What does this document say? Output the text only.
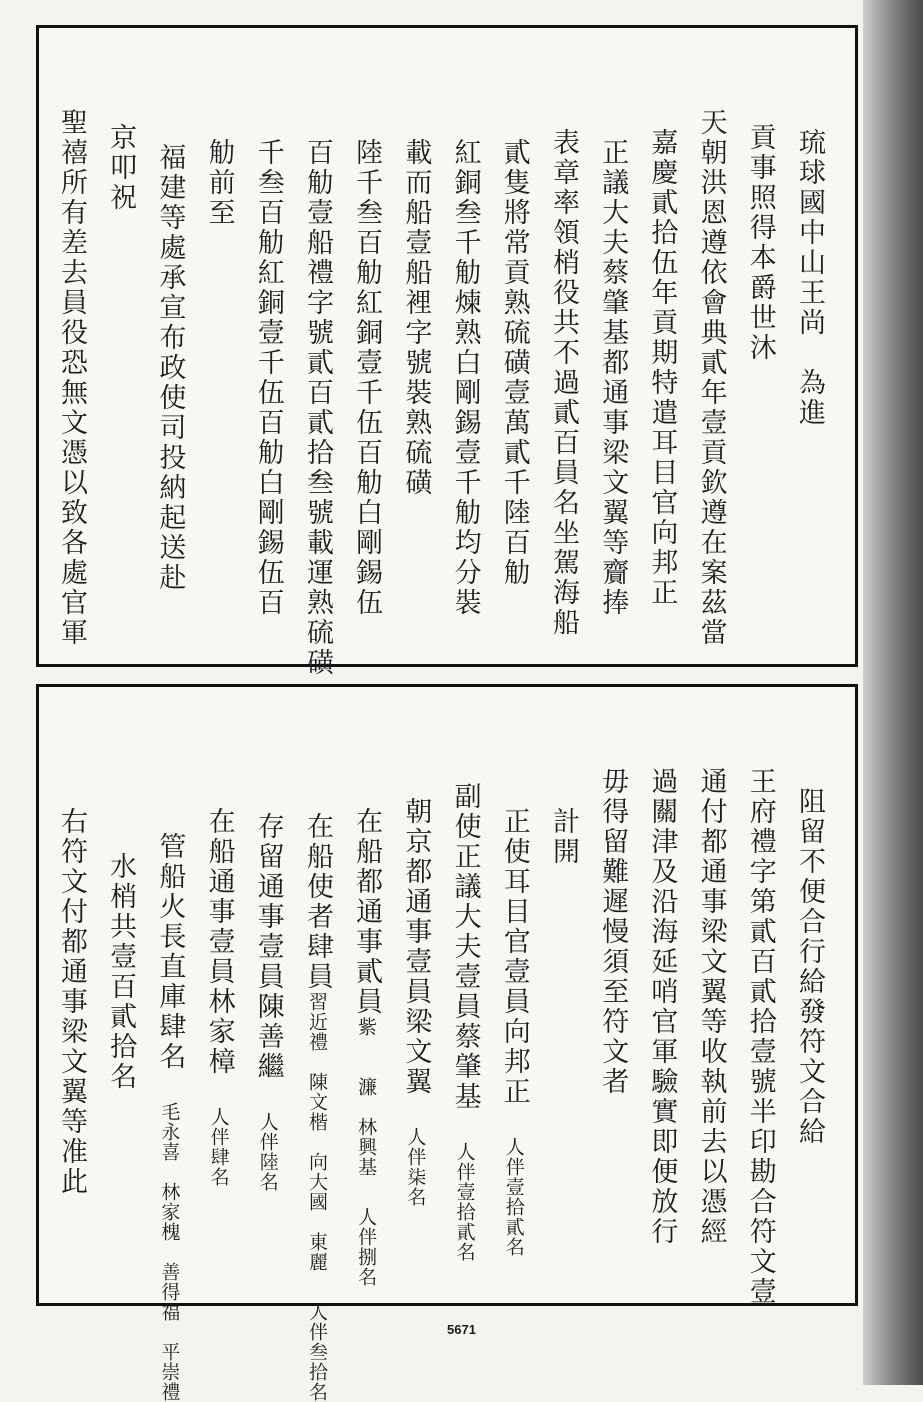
琉球國中山王尚　為進
貢事照得本爵世沐
天朝洪恩遵依會典貳年壹貢欽遵在案茲當
嘉慶貳拾伍年貢期特遣耳目官向邦正
正議大夫蔡肇基都通事梁文翼等齎捧
表章率領梢役共不過貳百員名坐駕海船
貳隻將常貢熟硫磺壹萬貳千陸百觔
紅銅叁千觔煉熟白剛錫壹千觔均分裝
載而船壹船裡字號裝熟硫磺
陸千叁百觔紅銅壹千伍百觔白剛錫伍
百觔壹船禮字號貳百貳拾叁號載運熟硫磺
千叁百觔紅銅壹千伍百觔白剛錫伍百
觔前至
福建等處承宣布政使司投納起送赴
京叩祝
聖禧所有差去員役恐無文憑以致各處官軍
阻留不便合行給發符文合給
王府禮字第貳百貳拾壹號半印勘合符文壹
通付都通事梁文翼等收執前去以憑經
過關津及沿海延哨官軍驗實即便放行
毋得留難遲慢須至符文者
計開
正使耳目官壹員向邦正　人伴壹拾貳名
副使正議大夫壹員蔡肇基　人伴壹拾貳名
朝京都通事壹員梁文翼　人伴柒名
在船都通事貳員紫　　濂　林興基　人伴捌名
在船使者肆員習近禮　陳文楷　向大國　東麗　人伴叁拾名
存留通事壹員陳善繼　人伴陸名
在船通事壹員林家樟　人伴肆名
管船火長直庫肆名　毛永喜　林家槐　善得福　平崇禮
水梢共壹百貳拾名
右符文付都通事梁文翼等准此
5671
